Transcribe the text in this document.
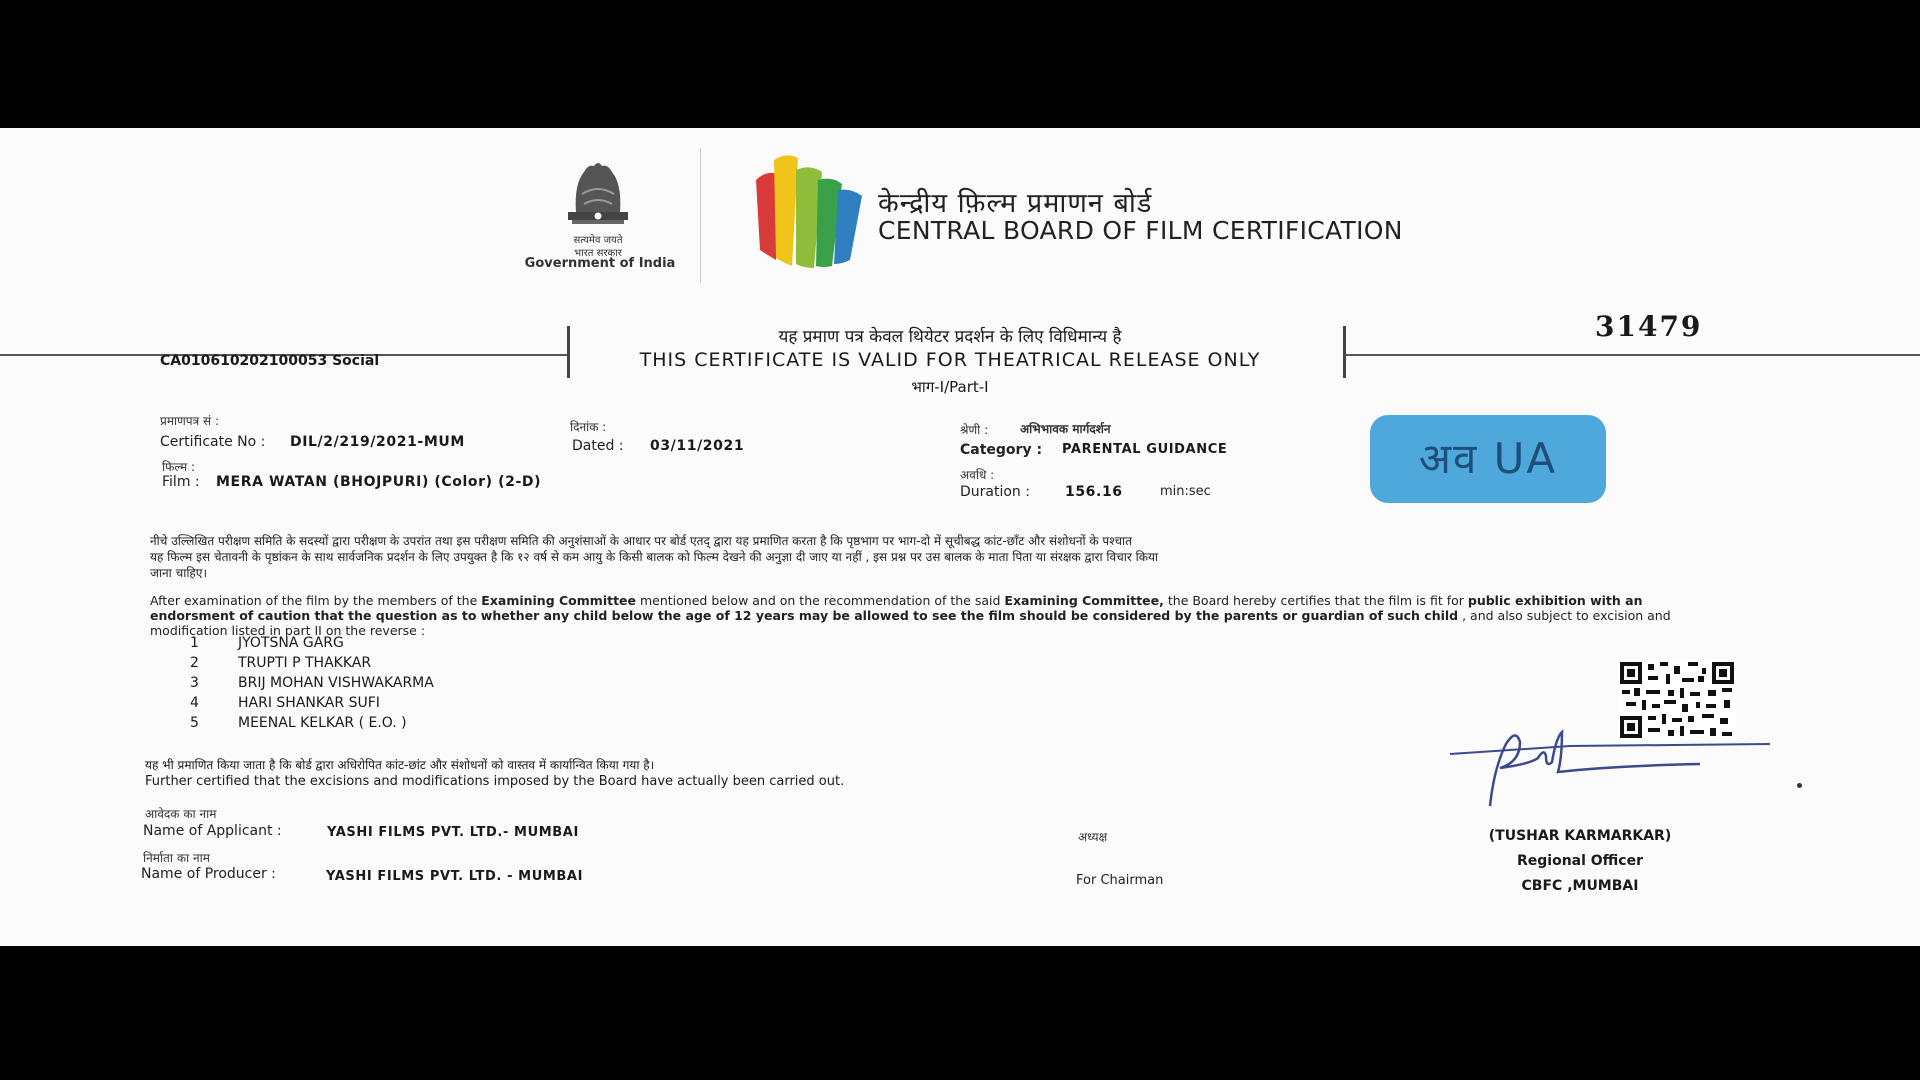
सत्यमेव जयते
भारत सरकार
Government of India
केन्द्रीय फ़िल्म प्रमाणन बोर्ड
CENTRAL BOARD OF FILM CERTIFICATION
यह प्रमाण पत्र केवल थियेटर प्रदर्शन के लिए विधिमान्य है
THIS CERTIFICATE IS VALID FOR THEATRICAL RELEASE ONLY
भाग-I/Part-I
CA010610202100053 Social
31479
प्रमाणपत्र सं :
Certificate No : DIL/2/219/2021-MUM
फिल्म :
Film : MERA WATAN (BHOJPURI) (Color) (2-D)
दिनांक :
Dated : 03/11/2021
श्रेणी :	अभिभावक मार्गदर्शन
Category : PARENTAL GUIDANCE
अवधि :
Duration :	156.16	min:sec
अव UA
नीचे उल्लिखित परीक्षण समिति के सदस्यों द्वारा परीक्षण के उपरांत तथा इस परीक्षण समिति की अनुशंसाओं के आधार पर बोर्ड एतद् द्वारा यह प्रमाणित करता है कि पृष्ठभाग पर भाग-दो में सूचीबद्ध कांट-छाँट और संशोधनों के पश्चात
यह फिल्म इस चेतावनी के पृष्ठांकन के साथ सार्वजनिक प्रदर्शन के लिए उपयुक्त है कि १२ वर्ष से कम आयु के किसी बालक को फिल्म देखने की अनुज्ञा दी जाए या नहीं , इस प्रश्न पर उस बालक के माता पिता या संरक्षक द्वारा विचार किया
जाना चाहिए।
After examination of the film by the members of the Examining Committee mentioned below and on the recommendation of the said Examining Committee, the Board hereby certifies that the film is fit for public exhibition with an endorsment of caution that the question as to whether any child below the age of 12 years may be allowed to see the film should be considered by the parents or guardian of such child , and also subject to excision and modification listed in part II on the reverse :
1	JYOTSNA GARG
2	TRUPTI P THAKKAR
3	BRIJ MOHAN VISHWAKARMA
4	HARI SHANKAR SUFI
5	MEENAL KELKAR ( E.O. )
यह भी प्रमाणित किया जाता है कि बोर्ड द्वारा अधिरोपित कांट-छांट और संशोधनों को वास्तव में कार्यान्वित किया गया है।
Further certified that the excisions and modifications imposed by the Board have actually been carried out.
आवेदक का नाम
Name of Applicant :	YASHI FILMS PVT. LTD.- MUMBAI
निर्माता का नाम
Name of Producer :	YASHI FILMS PVT. LTD. - MUMBAI
अध्यक्ष
For Chairman
(TUSHAR KARMARKAR)
Regional Officer
CBFC ,MUMBAI
